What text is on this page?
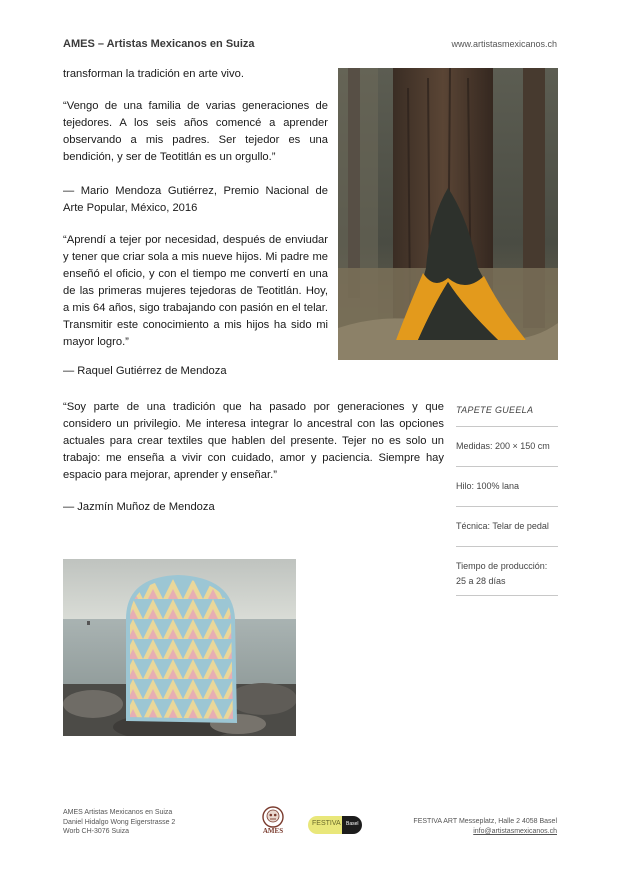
AMES – Artistas Mexicanos en Suiza	www.artistasmexicanos.ch
transforman la tradición en arte vivo.
“Vengo de una familia de varias generaciones de tejedores. A los seis años comencé a aprender observando a mis padres. Ser tejedor es una bendición, y ser de Teotitlán es un orgullo.”
— Mario Mendoza Gutiérrez, Premio Nacional de Arte Popular, México, 2016
“Aprendí a tejer por necesidad, después de enviudar y tener que criar sola a mis nueve hijos. Mi padre me enseñó el oficio, y con el tiempo me convertí en una de las primeras mujeres tejedoras de Teotitlán. Hoy, a mis 64 años, sigo trabajando con pasión en el telar. Transmitir este conocimiento a mis hijos ha sido mi mayor logro.”
— Raquel Gutiérrez de Mendoza
“Soy parte de una tradición que ha pasado por generaciones y que considero un privilegio. Me interesa integrar lo ancestral con las opciones actuales para crear textiles que hablen del presente. Tejer no es solo un trabajo: me enseña a vivir con cuidado, amor y paciencia. Siempre hay espacio para mejorar, aprender y enseñar.”
— Jazmín Muñoz de Mendoza
TAPETE GUEELA
Medidas: 200 × 150 cm
Hilo: 100% lana
Técnica: Telar de pedal
Tiempo de producción: 25 a 28 días
AMES Artistas Mexicanos en Suiza
Daniel Hidalgo Wong Eigerstrasse 2
Worb CH-3076 Suiza	AMES
FESTIVA Basel	FESTIVA ART Messeplatz, Halle 2 4058 Basel
info@artistasmexicanos.ch
